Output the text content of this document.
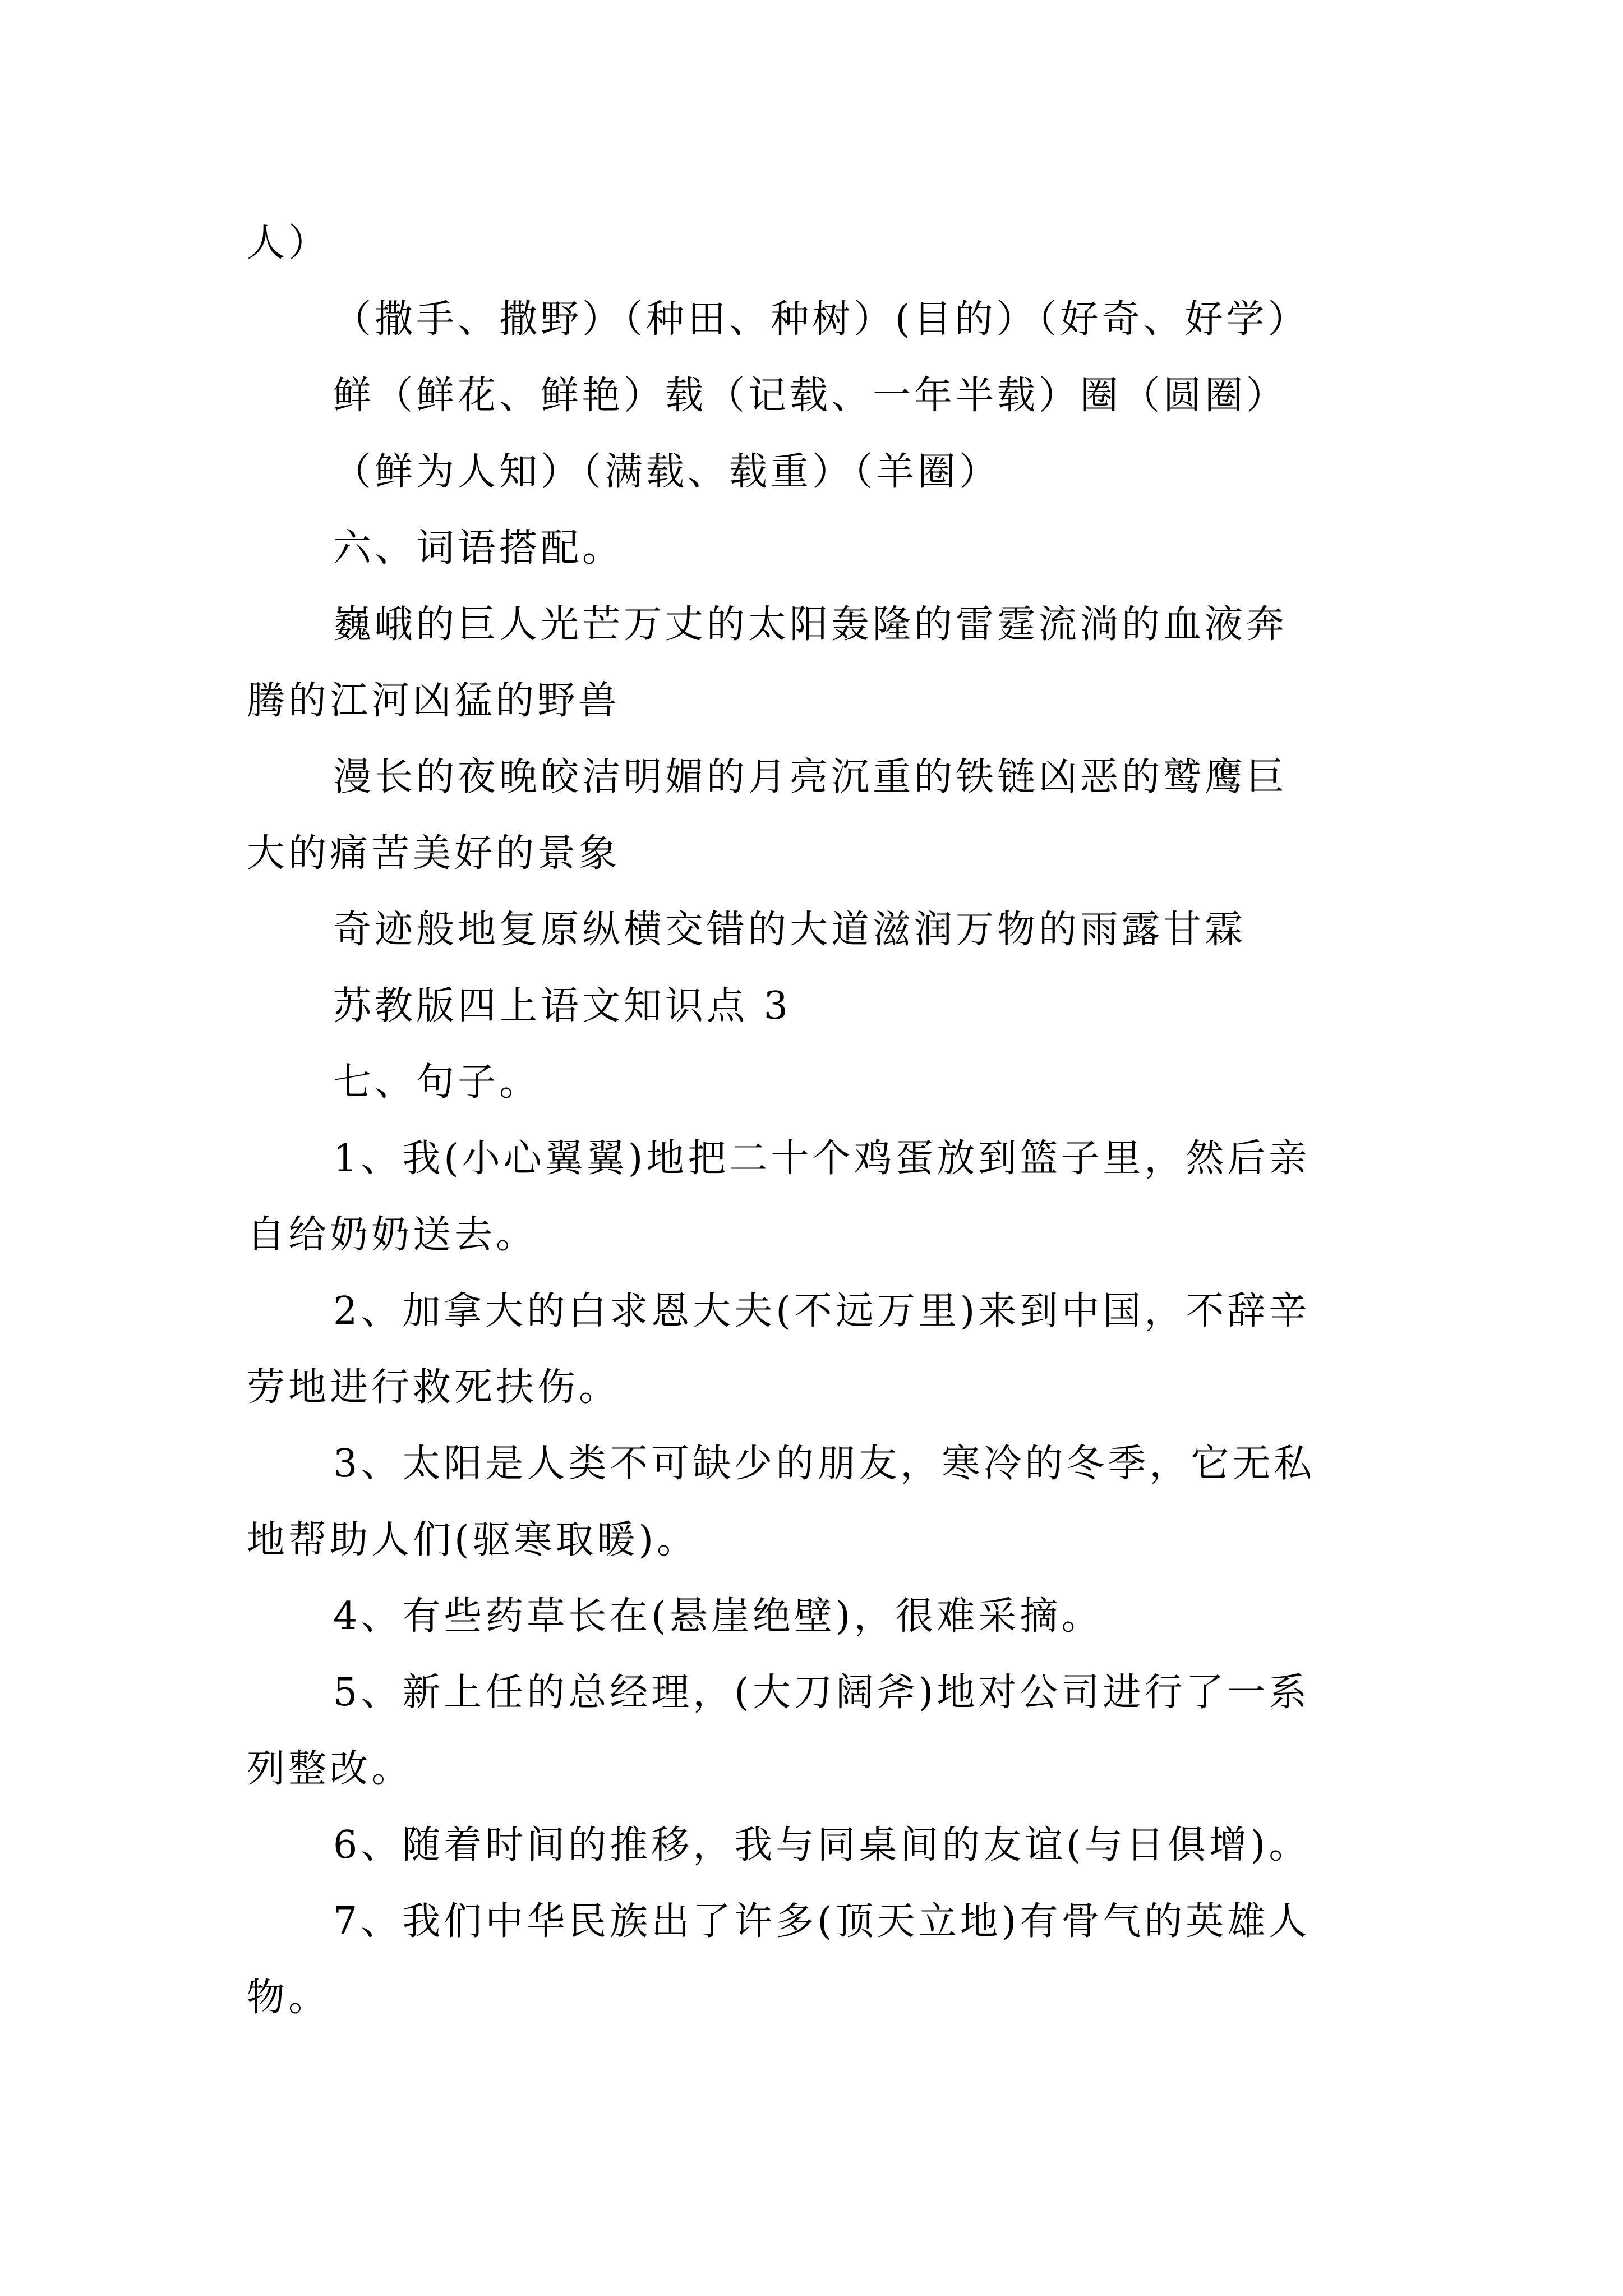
人）
（撒手、撒野）（种田、种树）(目的）（好奇、好学）
鲜（鲜花、鲜艳）载（记载、一年半载）圈（圆圈）
（鲜为人知）（满载、载重）（羊圈）
六、词语搭配。
巍峨的巨人光芒万丈的太阳轰隆的雷霆流淌的血液奔
腾的江河凶猛的野兽
漫长的夜晚皎洁明媚的月亮沉重的铁链凶恶的鹫鹰巨
大的痛苦美好的景象
奇迹般地复原纵横交错的大道滋润万物的雨露甘霖
苏教版四上语文知识点 3
七、句子。
1、我(小心翼翼)地把二十个鸡蛋放到篮子里，然后亲
自给奶奶送去。
2、加拿大的白求恩大夫(不远万里)来到中国，不辞辛
劳地进行救死扶伤。
3、太阳是人类不可缺少的朋友，寒冷的冬季，它无私
地帮助人们(驱寒取暖)。
4、有些药草长在(悬崖绝壁)，很难采摘。
5、新上任的总经理，(大刀阔斧)地对公司进行了一系
列整改。
6、随着时间的推移，我与同桌间的友谊(与日俱增)。
7、我们中华民族出了许多(顶天立地)有骨气的英雄人
物。
